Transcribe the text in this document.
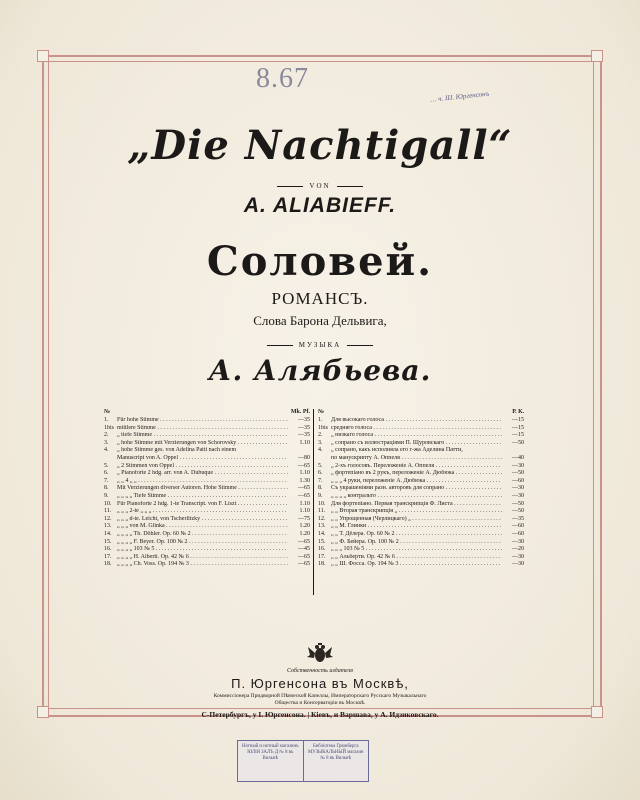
8.67
… ч. Ш. Юргенсонъ
„Die Nachtigall“
VON
A. ALIABIEFF.
Соловей.
РОМАНСЪ.
Слова Барона Дельвига,
МУЗЫКА
А. Алябьева.
№	Mk. Pf.
1.	Für hohe Stimme . . .	—35
1bis mittlere Stimme . . .	—35
2.	„ tiefe Stimme . . .	—35
3.	„ hohe Stimme mit Verzierungen von Schorovsky . . .	1.10
4.	„ hohe Stimme ges. von Adelina Patti nach einem
Manuscript von A. Oppel . . .	—80
5.	„ 2 Stimmen von Oppel . . .	—65
6.	„ Pianoforte 2 hdg. arr. von A. Dubuque . . .	1.10
7.	„ „ 4 „ „ . . .	1.30
8.	Mit Verzierungen diverser Autoren. Hohe Stimme . . .	—65
9.	„ „ „ „ Tiefe Stimme . . .	—65
10. Für Pianoforte 2 hdg. 1-te Transcript. von F. Liszt . . .	1.10
11. „ „ „ 2-te „ „ „ . . .	1.10
12. „ „ „ d-te. Leicht, von Tscherlitzky . . .	—75
13. „ „ „ von M. Glinka . . .	1.20
14. „ „ „ „ Th. Döhler. Op. 60 № 2 . . .	1.20
15. „ „ „ „ F. Beyer. Op. 100 № 2 . . .	—65
16. „ „ „ „ 103 № 5 . . .	—45
17. „ „ „ „ H. Alberti. Op. 42 № 6 . . .	—65
18. „ „ „ „ Ch. Voss. Op. 194 № 3 . . .	—65
№	Р. К.
1.	Для высокаго голоса . . .	—15
1bis средняго голоса . . .	—15
2.	„ низкаго голоса . . .	—15
3.	„ сопрано съ иллюстраціями П. Щуровскаго . . .	—50
4.	„ сопрано, какъ исполняла его г-жа Аделина Патти,
по манускрипту А. Оппеля . . .	—40
5.	„ 2-хъ голосовъ. Переложеніе А. Оппеля . . .	—30
6.	„ фортепіано въ 2 рукъ, переложеніе А. Дюбюка . . .	—50
7.	„ „ „ 4 руки, переложеніе А. Дюбюка . . .	—60
8.	Съ украшеніями разн. авторовъ для сопрано . . .	—30
9.	„ „ „ „ контральто . . .	—30
10. Для фортепіано. Первая транскрипція Ф. Листа . . .	—50
11. „ „ Вторая транскрипція „ . . .	—50
12. „ „ Упрощенная (Черлицкаго) „ . . .	—35
13. „ „ М. Глинки . . .	—60
14. „ „ Т. Дёлера. Op. 60 № 2 . . .	—60
15. „ „ Ф. Бейера. Op. 100 № 2 . . .	—30
16. „ „ „ 103 № 5 . . .	—20
17. „ „ Альберти. Op. 42 № 6 . . .	—30
18. „ „ Ш. Фосса. Op. 194 № 3 . . .	—30
Собственность издателя
П. Юргенсона въ Москвѣ,
Коммиссіонера Придворной Пѣвческой Капеллы, Императорскаго Русскаго Музыкальнаго
Общества и Консерваторіи въ Москвѣ.
С-Петербургъ, у І. Юргенсона. | Кіевъ, и Варшава, у А. Идзиковскаго.
Нотный и нотный магазинъ ЮЛІЯ ЗАЛЪ Д № 8 въ Вильнѣ
Библіотека Грюнберга МУЗЫКАЛЬНЫЙ магазин № 8 въ Вильнѣ
